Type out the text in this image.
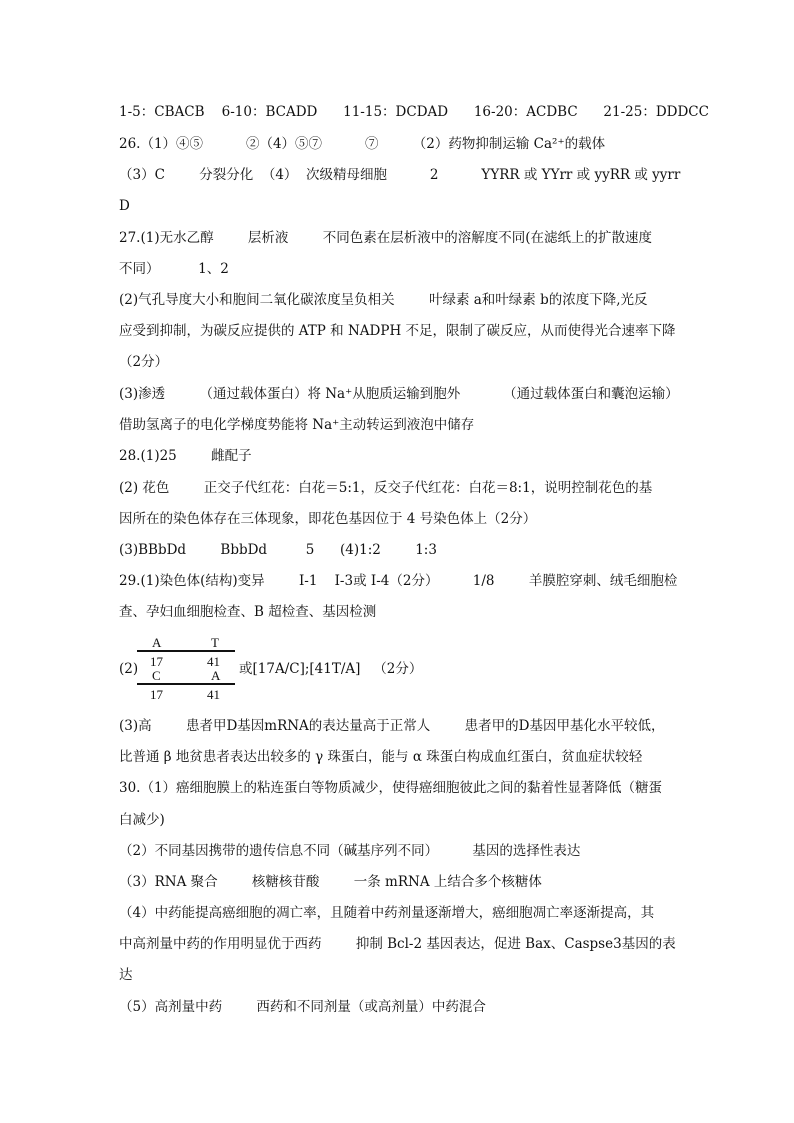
1-5：CBACB    6-10：BCADD      11-15：DCDAD      16-20：ACDBC      21-25：DDDCC
26.（1）④⑤          ②（4）⑤⑦          ⑦        （2）药物抑制运输 Ca²⁺的载体
（3）C        分裂分化  （4）  次级精母细胞          2          YYRR 或 YYrr 或 yyRR 或 yyrr
D
27.(1)无水乙醇        层析液        不同色素在层析液中的溶解度不同(在滤纸上的扩散速度
不同）         1、2
(2)气孔导度大小和胞间二氧化碳浓度呈负相关        叶绿素 a和叶绿素 b的浓度下降,光反
应受到抑制，为碳反应提供的 ATP 和 NADPH 不足，限制了碳反应，从而使得光合速率下降
（2分）
(3)渗透        （通过载体蛋白）将 Na⁺从胞质运输到胞外          （通过载体蛋白和囊泡运输）
借助氢离子的电化学梯度势能将 Na⁺主动转运到液泡中储存
28.(1)25        雌配子
(2) 花色        正交子代红花：白花＝5:1，反交子代红花：白花＝8:1，说明控制花色的基
因所在的染色体存在三体现象，即花色基因位于 4 号染色体上（2分）
(3)BBbDd        BbbDd         5      (4)1:2        1:3
29.(1)染色体(结构)变异        I-1    I-3或 I-4（2分）        1/8        羊膜腔穿刺、绒毛细胞检
查、孕妇血细胞检查、B 超检查、基因检测
(2)
A	T
17	41
C	A
17	41
或[17A/C];[41T/A]   （2分）
(3)高        患者甲D基因mRNA的表达量高于正常人        患者甲的D基因甲基化水平较低，
比普通 β 地贫患者表达出较多的 γ 珠蛋白，能与 α 珠蛋白构成血红蛋白，贫血症状较轻
30.（1）癌细胞膜上的粘连蛋白等物质减少，使得癌细胞彼此之间的黏着性显著降低（糖蛋
白减少)
（2）不同基因携带的遗传信息不同（碱基序列不同）        基因的选择性表达
（3）RNA 聚合        核糖核苷酸        一条 mRNA 上结合多个核糖体
（4）中药能提高癌细胞的凋亡率，且随着中药剂量逐渐增大，癌细胞凋亡率逐渐提高，其
中高剂量中药的作用明显优于西药        抑制 Bcl-2 基因表达，促进 Bax、Caspse3基因的表
达
（5）高剂量中药        西药和不同剂量（或高剂量）中药混合
